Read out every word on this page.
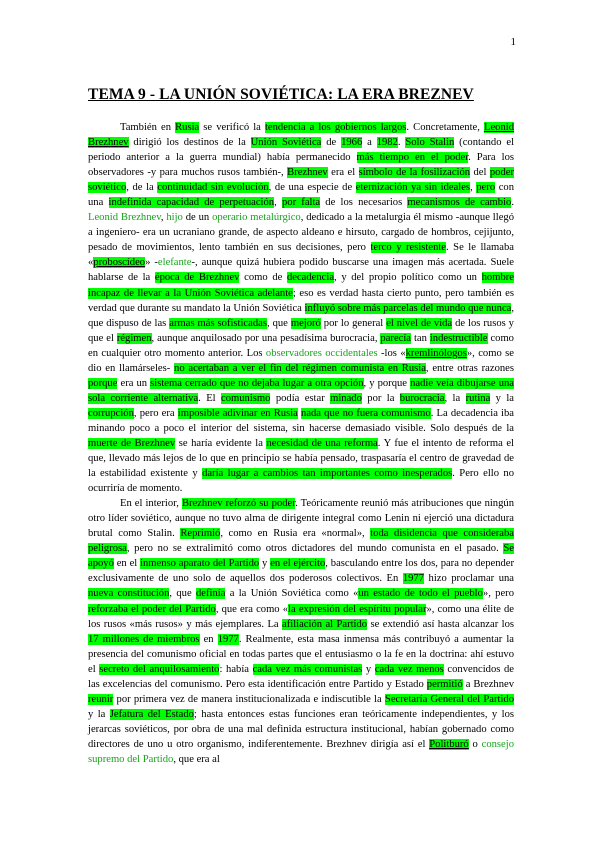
1
TEMA 9 - LA UNIÓN SOVIÉTICA: LA ERA BREZNEV

También en Rusia se verificó la tendencia a los gobiernos largos. Concretamente, Leonid Brezhnev dirigió los destinos de la Unión Soviética de 1966 a 1982. Solo Stalin (contando el periodo anterior a la guerra mundial) había permanecido más tiempo en el poder. Para los observadores -y para muchos rusos también-, Brezhnev era el símbolo de la fosilización del poder soviético, de la continuidad sin evolución, de una especie de eternización ya sin ideales, pero con una indefinida capacidad de perpetuación, por falta de los necesarios mecanismos de cambio. Leonid Brezhnev, hijo de un operario metalúrgico, dedicado a la metalurgia él mismo -aunque llegó a ingeniero- era un ucraniano grande, de aspecto aldeano e hirsuto, cargado de hombros, cejijunto, pesado de movimientos, lento también en sus decisiones, pero terco y resistente. Se le llamaba «proboscídeo» -elefante-, aunque quizá hubiera podido buscarse una imagen más acertada. Suele hablarse de la época de Brezhnev como de decadencia, y del propio político como un hombre incapaz de llevar a la Unión Soviética adelante; eso es verdad hasta cierto punto, pero también es verdad que durante su mandato la Unión Soviética influyó sobre más parcelas del mundo que nunca, que dispuso de las armas más sofisticadas, que mejoró por lo general el nivel de vida de los rusos y que el régimen, aunque anquilosado por una pesadísima burocracia, parecía tan indestructible como en cualquier otro momento anterior. Los observadores occidentales -los «kremlinólogos», como se dio en llamárseles- no acertaban a ver el fin del régimen comunista en Rusia, entre otras razones porque era un sistema cerrado que no dejaba lugar a otra opción, y porque nadie veía dibujarse una sola corriente alternativa. El comunismo podía estar minado por la burocracia, la rutina y la corrupción, pero era imposible adivinar en Rusia nada que no fuera comunismo. La decadencia iba minando poco a poco el interior del sistema, sin hacerse demasiado visible. Solo después de la muerte de Brezhnev se haría evidente la necesidad de una reforma. Y fue el intento de reforma el que, llevado más lejos de lo que en principio se había pensado, traspasaría el centro de gravedad de la estabilidad existente y daría lugar a cambios tan importantes como inesperados. Pero ello no ocurriría de momento.

En el interior, Brezhnev reforzó su poder. Teóricamente reunió más atribuciones que ningún otro líder soviético, aunque no tuvo alma de dirigente integral como Lenin ni ejerció una dictadura brutal como Stalin. Reprimió, como en Rusia era «normal», toda disidencia que consideraba peligrosa, pero no se extralimitó como otros dictadores del mundo comunista en el pasado. Se apoyó en el inmenso aparato del Partido y en el ejército, basculando entre los dos, para no depender exclusivamente de uno solo de aquellos dos poderosos colectivos. En 1977 hizo proclamar una nueva constitución, que definía a la Unión Soviética como «un estado de todo el pueblo», pero reforzaba el poder del Partido, que era como «la expresión del espíritu popular», como una élite de los rusos «más rusos» y más ejemplares. La afiliación al Partido se extendió así hasta alcanzar los 17 millones de miembros en 1977. Realmente, esta masa inmensa más contribuyó a aumentar la presencia del comunismo oficial en todas partes que el entusiasmo o la fe en la doctrina: ahí estuvo el secreto del anquilosamiento: había cada vez más comunistas y cada vez menos convencidos de las excelencias del comunismo. Pero esta identificación entre Partido y Estado permitió a Brezhnev reunir por primera vez de manera institucionalizada e indiscutible la Secretaría General del Partido y la Jefatura del Estado; hasta entonces estas funciones eran teóricamente independientes, y los jerarcas soviéticos, por obra de una mal definida estructura institucional, habían gobernado como directores de uno u otro organismo, indiferentemente. Brezhnev dirigía así el Politburó o consejo supremo del Partido, que era al
